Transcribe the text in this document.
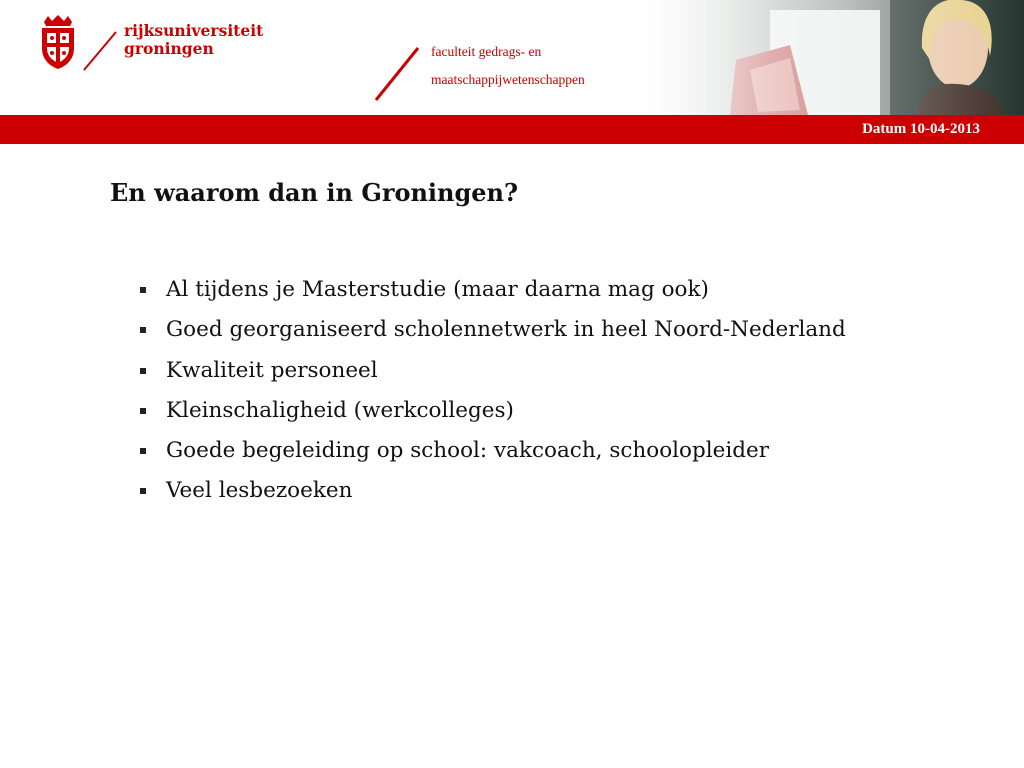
rijksuniversiteit
groningen	faculteit gedrags- en
maatschappijwetenschappen
Datum 10-04-2013
En waarom dan in Groningen?
Al tijdens je Masterstudie (maar daarna mag ook)
Goed georganiseerd scholennetwerk in heel Noord-Nederland
Kwaliteit personeel
Kleinschaligheid (werkcolleges)
Goede begeleiding op school: vakcoach, schoolopleider
Veel lesbezoeken
